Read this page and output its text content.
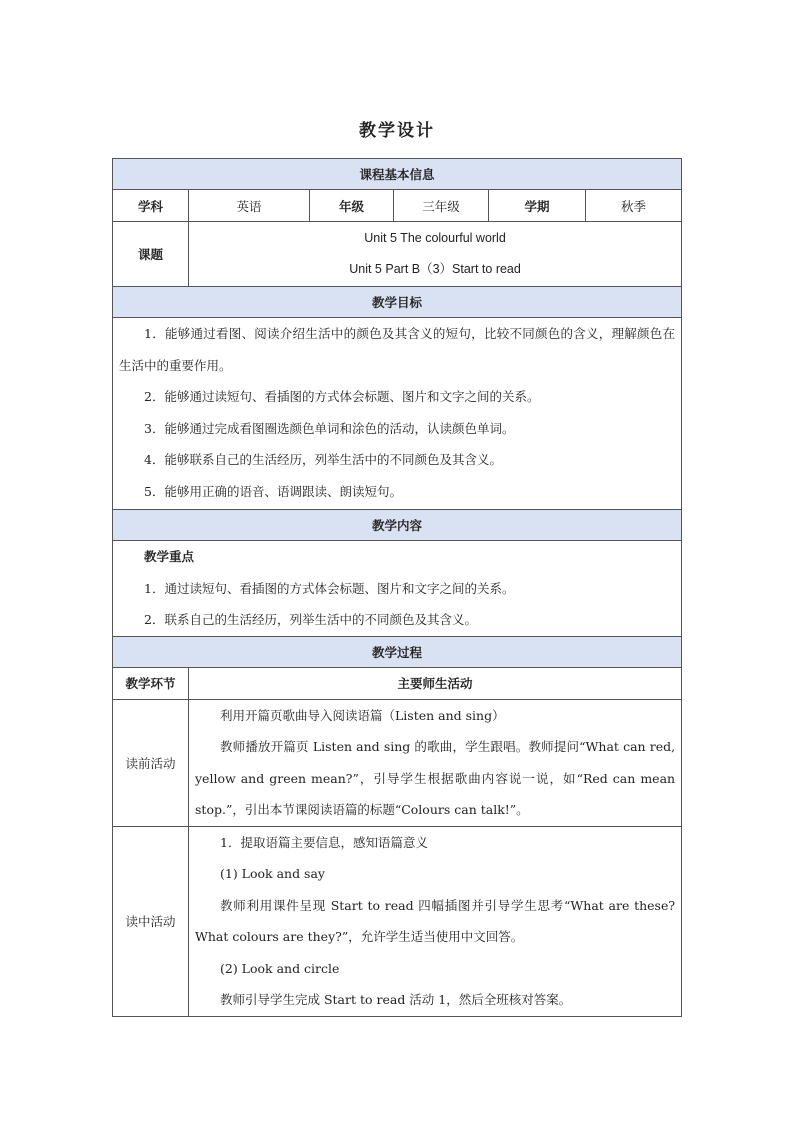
教学设计
课程基本信息					
学科	英语	年级	三年级	学期	秋季
课题	Unit 5 The colourful world
Unit 5 Part B（3）Start to read				

教学目标					

1．能够通过看图、阅读介绍生活中的颜色及其含义的短句，比较不同颜色的含义，理解颜色在生活中的重要作用。
2．能够通过读短句、看插图的方式体会标题、图片和文字之间的关系。
3．能够通过完成看图圈选颜色单词和涂色的活动，认读颜色单词。
4．能够联系自己的生活经历，列举生活中的不同颜色及其含义。
5．能够用正确的语音、语调跟读、朗读短句。					

教学内容					

教学重点
1．通过读短句、看插图的方式体会标题、图片和文字之间的关系。
2．联系自己的生活经历，列举生活中的不同颜色及其含义。					

教学过程					
教学环节	主要师生活动				
读前活动	利用开篇页歌曲导入阅读语篇（Listen and sing）
教师播放开篇页 Listen and sing 的歌曲，学生跟唱。教师提问“What can red, yellow and green mean?”，引导学生根据歌曲内容说一说，如“Red can mean stop.”，引出本节课阅读语篇的标题“Colours can talk!”。				

读中活动	1．提取语篇主要信息，感知语篇意义
(1) Look and say
教师利用课件呈现 Start to read 四幅插图并引导学生思考“What are these? What colours are they?”，允许学生适当使用中文回答。
(2) Look and circle
教师引导学生完成 Start to read 活动 1，然后全班核对答案。				
